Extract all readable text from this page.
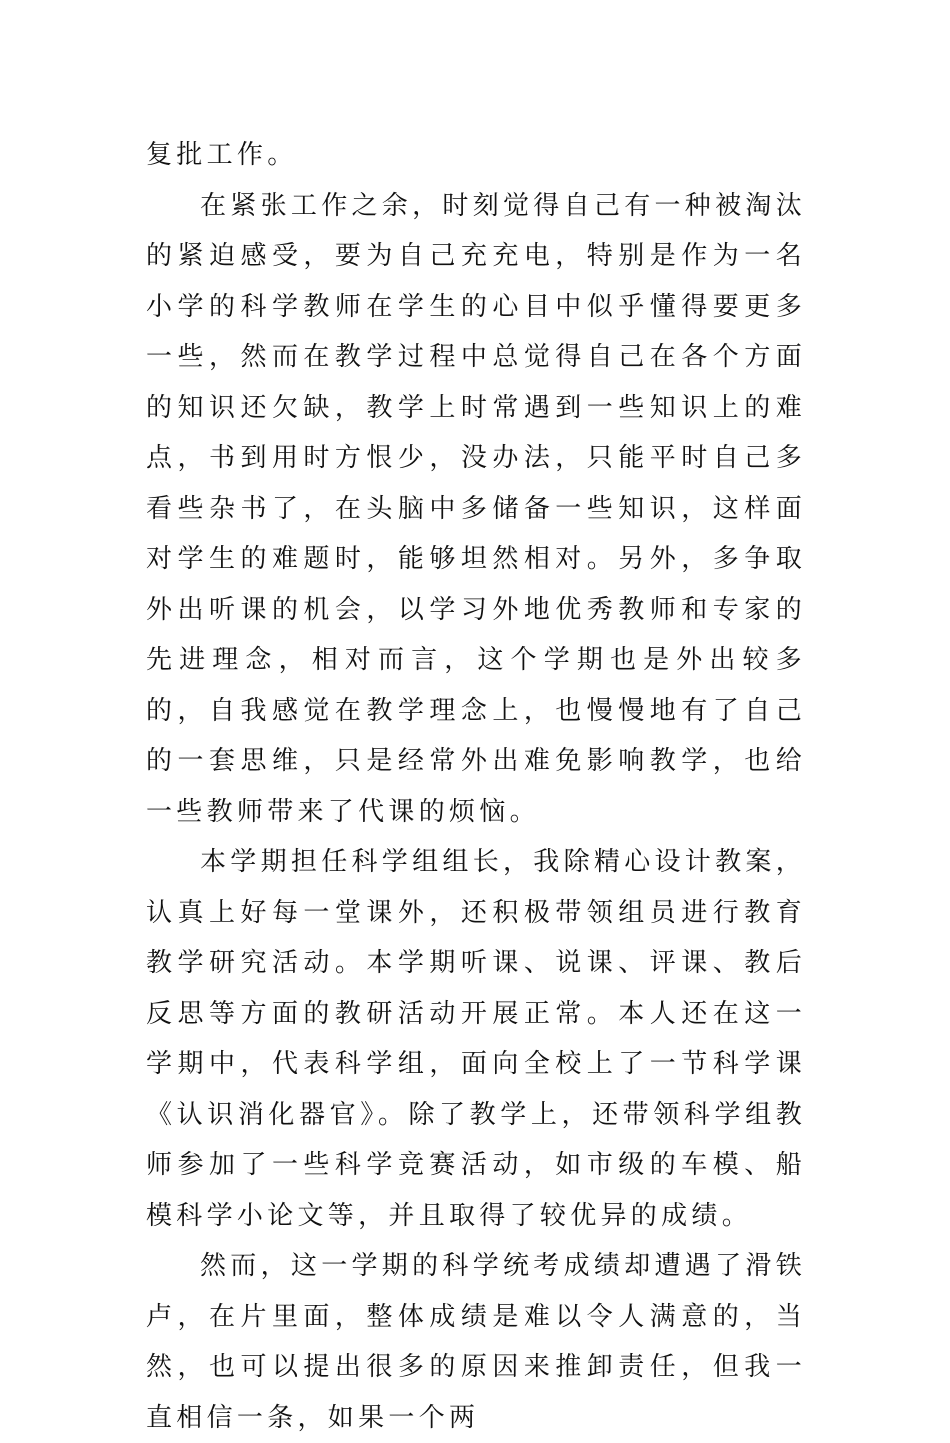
复批工作。

在紧张工作之余，时刻觉得自己有一种被淘汰的紧迫感受，要为自己充充电，特别是作为一名小学的科学教师在学生的心目中似乎懂得要更多一些，然而在教学过程中总觉得自己在各个方面的知识还欠缺，教学上时常遇到一些知识上的难点，书到用时方恨少，没办法，只能平时自己多看些杂书了，在头脑中多储备一些知识，这样面对学生的难题时，能够坦然相对。另外，多争取外出听课的机会，以学习外地优秀教师和专家的先进理念，相对而言，这个学期也是外出较多的，自我感觉在教学理念上，也慢慢地有了自己的一套思维，只是经常外出难免影响教学，也给一些教师带来了代课的烦恼。

本学期担任科学组组长，我除精心设计教案，认真上好每一堂课外，还积极带领组员进行教育教学研究活动。本学期听课、说课、评课、教后反思等方面的教研活动开展正常。本人还在这一学期中，代表科学组，面向全校上了一节科学课《认识消化器官》。除了教学上，还带领科学组教师参加了一些科学竞赛活动，如市级的车模、船模科学小论文等，并且取得了较优异的成绩。

然而，这一学期的科学统考成绩却遭遇了滑铁卢，在片里面，整体成绩是难以令人满意的，当然，也可以提出很多的原因来推卸责任，但我一直相信一条，如果一个两
